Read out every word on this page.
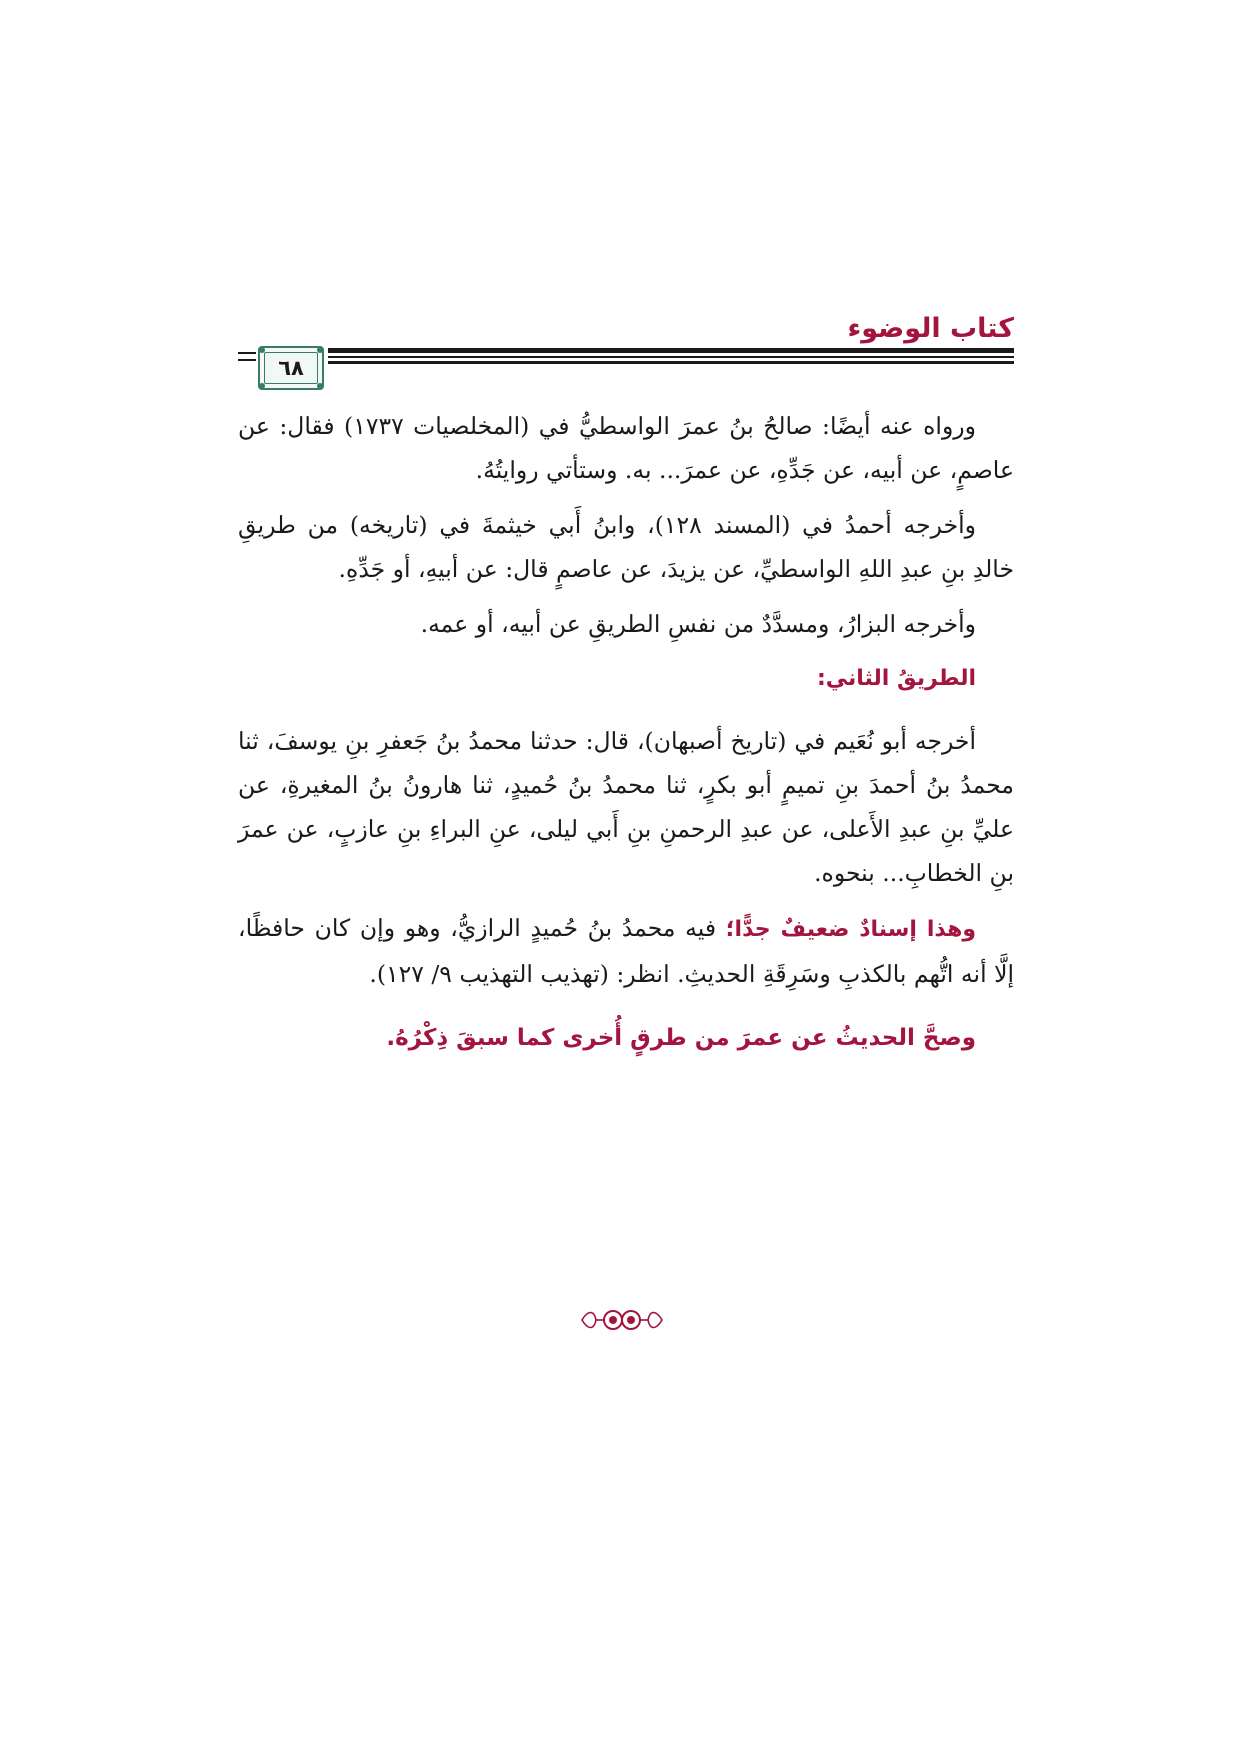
كتاب الوضوء
٦٨

ورواه عنه أيضًا: صالحُ بنُ عمرَ الواسطيُّ في (المخلصيات ١٧٣٧) فقال: عن عاصمٍ، عن أبيه، عن جَدِّهِ، عن عمرَ... به. وستأتي روايتُهُ.

وأخرجه أحمدُ في (المسند ١٢٨)، وابنُ أَبي خيثمةَ في (تاريخه) من طريقِ خالدِ بنِ عبدِ اللهِ الواسطيِّ، عن يزيدَ، عن عاصمٍ قال: عن أبيهِ، أو جَدِّهِ.

وأخرجه البزارُ، ومسدَّدٌ من نفسِ الطريقِ عن أبيه، أو عمه.

الطريقُ الثاني:

أخرجه أبو نُعَيم في (تاريخ أصبهان)، قال: حدثنا محمدُ بنُ جَعفرِ بنِ يوسفَ، ثنا محمدُ بنُ أحمدَ بنِ تميمٍ أبو بكرٍ، ثنا محمدُ بنُ حُميدٍ، ثنا هارونُ بنُ المغيرةِ، عن عليِّ بنِ عبدِ الأَعلى، عن عبدِ الرحمنِ بنِ أَبي ليلى، عنِ البراءِ بنِ عازبٍ، عن عمرَ بنِ الخطابِ... بنحوه.

وهذا إسنادٌ ضعيفٌ جدًّا؛ فيه محمدُ بنُ حُميدٍ الرازيُّ، وهو وإن كان حافظًا، إلَّا أنه اتُّهم بالكذبِ وسَرِقَةِ الحديثِ. انظر: (تهذيب التهذيب ٩/ ١٢٧).

وصحَّ الحديثُ عن عمرَ من طرقٍ أُخرى كما سبقَ ذِكْرُهُ.
